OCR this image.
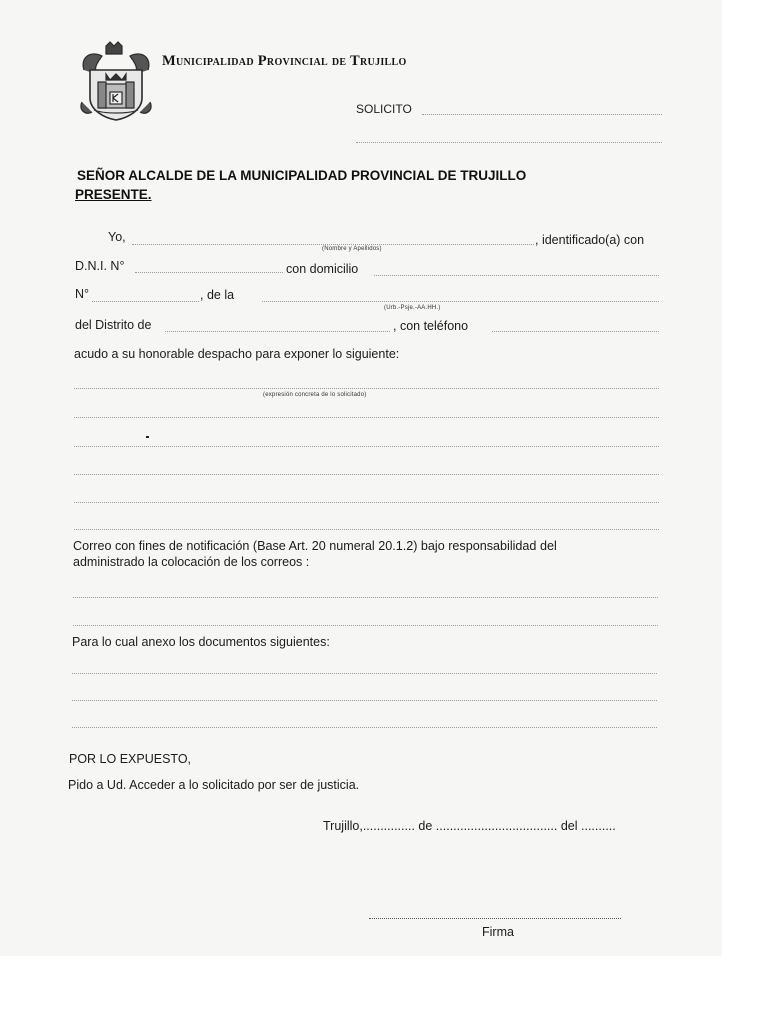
Municipalidad Provincial de Trujillo
SOLICITO
SEÑOR ALCALDE DE LA MUNICIPALIDAD PROVINCIAL DE TRUJILLO
PRESENTE.
Yo,
(Nombre y Apellidos)
, identificado(a) con
D.N.I. N°	con domicilio
N°	, de la
(Urb.-Psje.-AA.HH.)
del Distrito de	, con teléfono
acudo a su honorable despacho para exponer lo siguiente:
(expresión concreta de lo solicitado)
Correo con fines de notificación (Base Art. 20 numeral 20.1.2) bajo responsabilidad del
administrado la colocación de los correos :
Para lo cual anexo los documentos siguientes:
POR LO EXPUESTO,
Pido a Ud. Acceder a lo solicitado por ser de justicia.
Trujillo,............... de ................................... del ..........
Firma
